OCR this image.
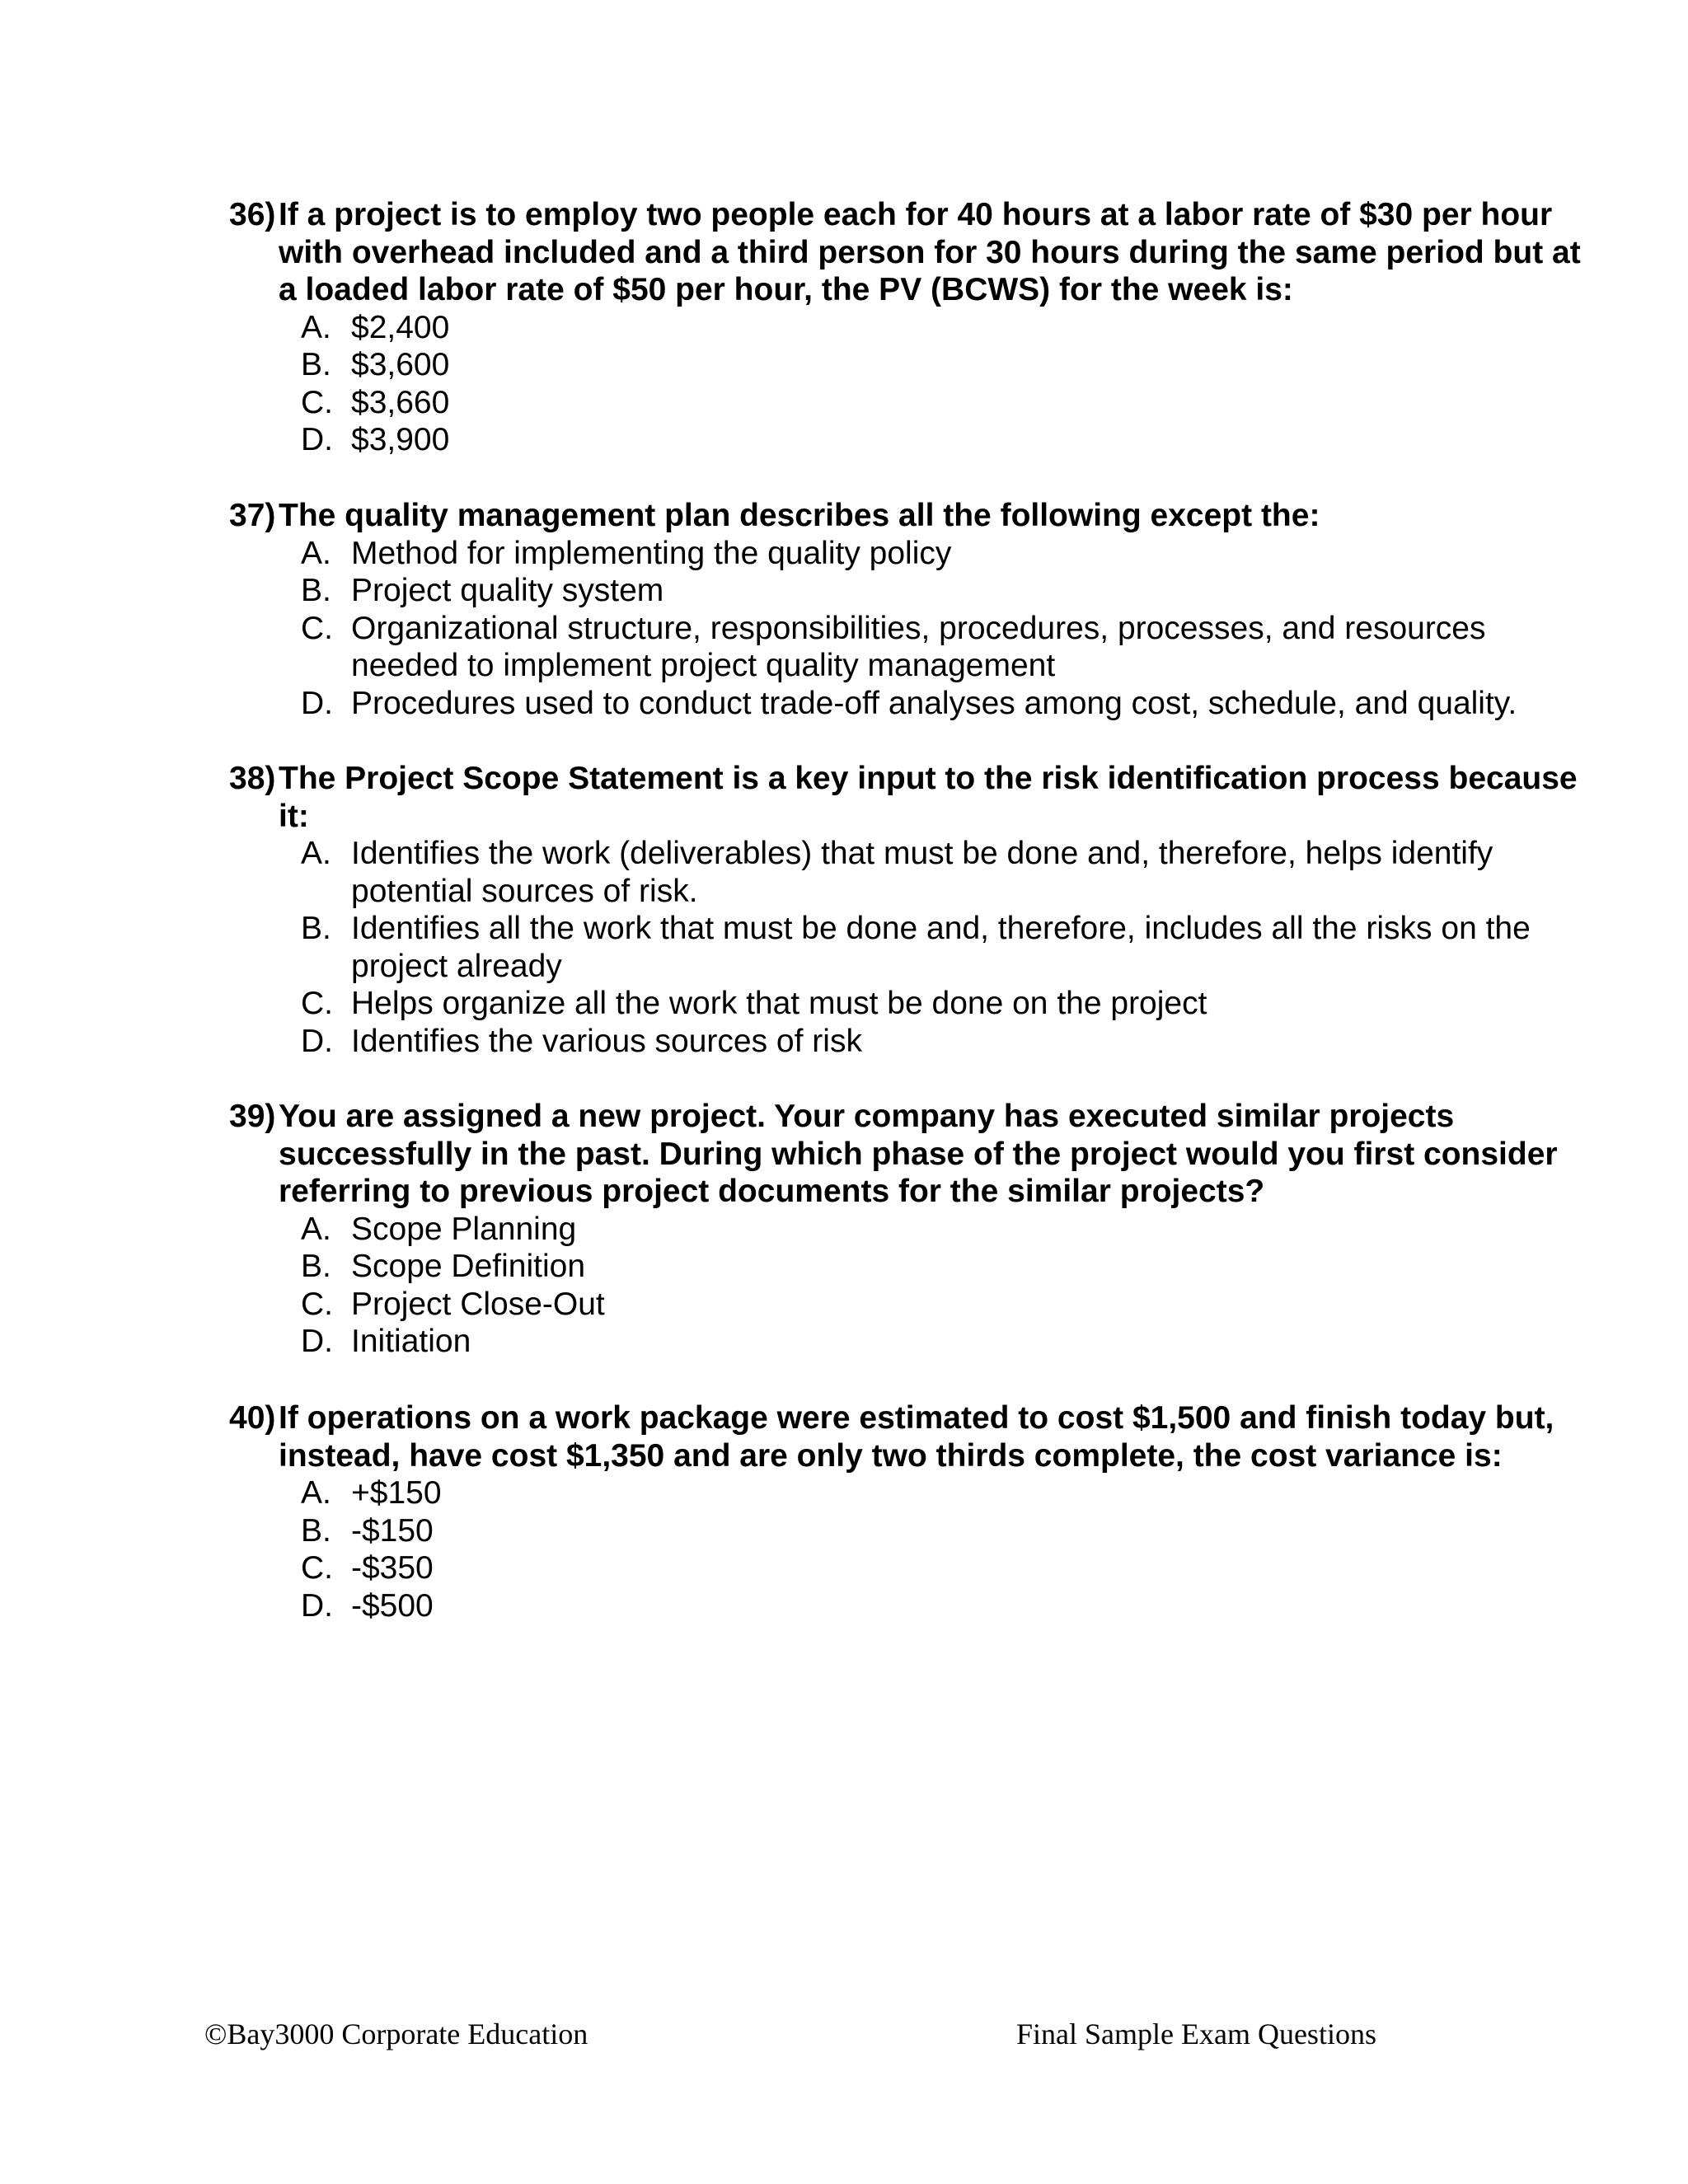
36) If a project is to employ two people each for 40 hours at a labor rate of $30 per hour with overhead included and a third person for 30 hours during the same period but at a loaded labor rate of $50 per hour, the PV (BCWS) for the week is:

A. $2,400
B. $3,600
C. $3,660
D. $3,900

37) The quality management plan describes all the following except the:

A. Method for implementing the quality policy
B. Project quality system
C. Organizational structure, responsibilities, procedures, processes, and resources needed to implement project quality management
D. Procedures used to conduct trade-off analyses among cost, schedule, and quality.

38) The Project Scope Statement is a key input to the risk identification process because it:

A. Identifies the work (deliverables) that must be done and, therefore, helps identify potential sources of risk.
B. Identifies all the work that must be done and, therefore, includes all the risks on the project already
C. Helps organize all the work that must be done on the project
D. Identifies the various sources of risk

39) You are assigned a new project. Your company has executed similar projects successfully in the past. During which phase of the project would you first consider referring to previous project documents for the similar projects?

A. Scope Planning
B. Scope Definition
C. Project Close-Out
D. Initiation

40) If operations on a work package were estimated to cost $1,500 and finish today but, instead, have cost $1,350 and are only two thirds complete, the cost variance is:

A. +$150
B. -$150
C. -$350
D. -$500
©Bay3000 Corporate Education	Final Sample Exam Questions
